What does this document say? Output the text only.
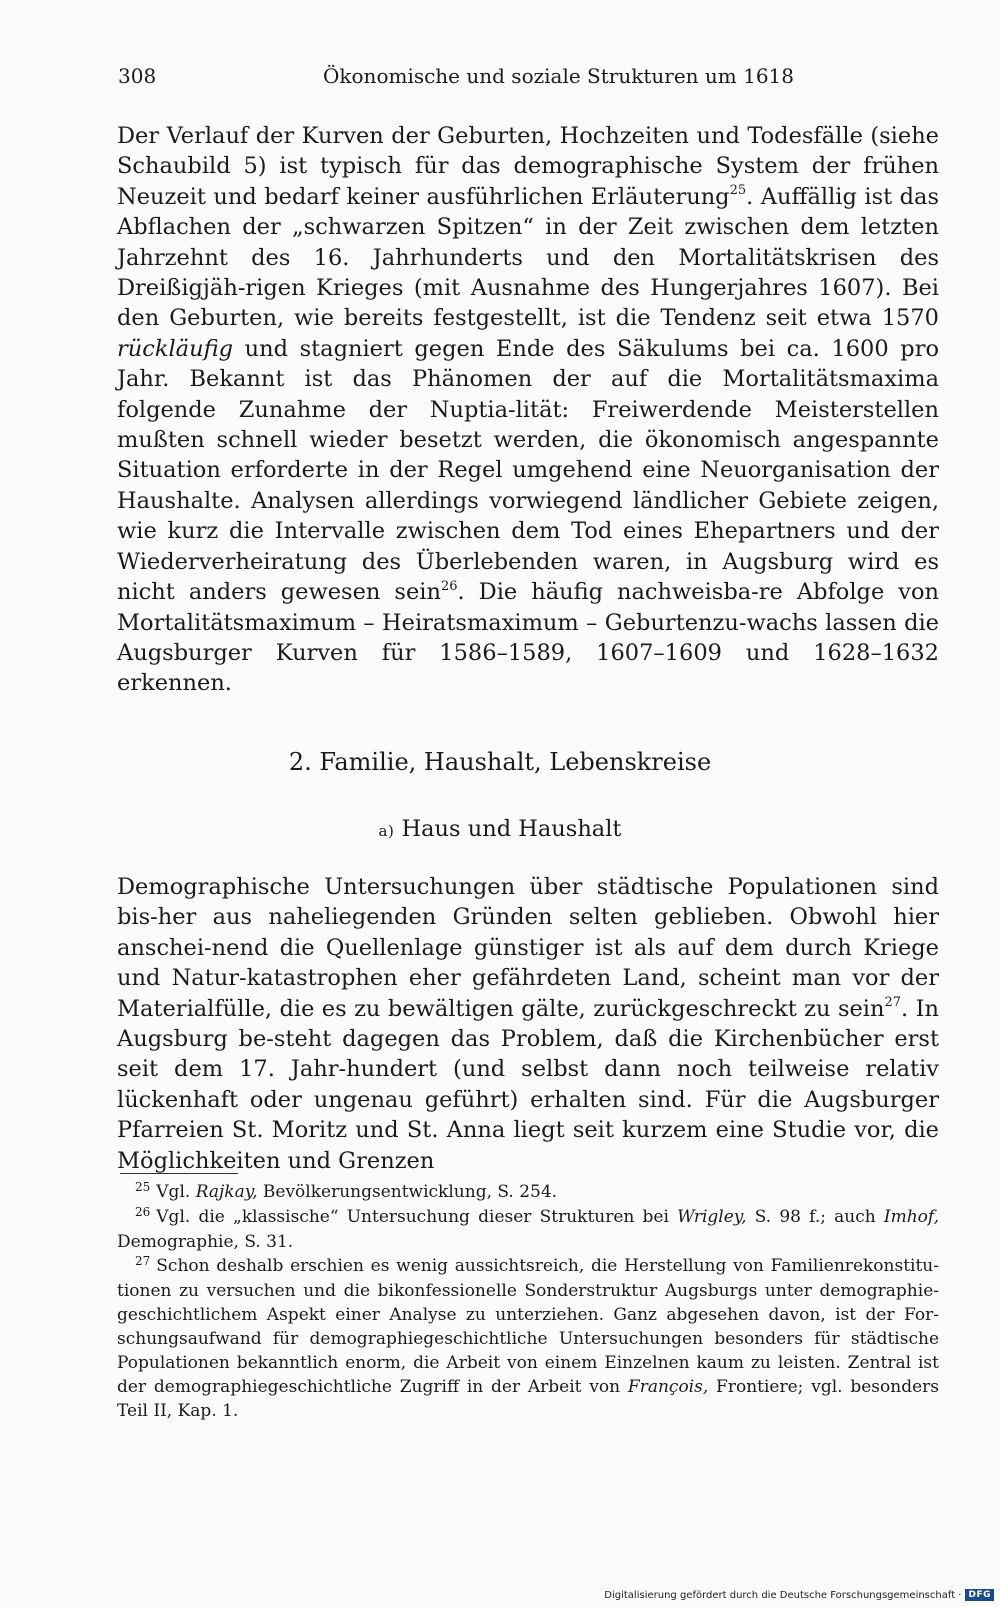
308	Ökonomische und soziale Strukturen um 1618
Der Verlauf der Kurven der Geburten, Hochzeiten und Todesfälle (siehe Schaubild 5) ist typisch für das demographische System der frühen Neuzeit und bedarf keiner ausführlichen Erläuterung$^{25}$. Auffällig ist das Abflachen der „schwarzen Spitzen“ in der Zeit zwischen dem letzten Jahrzehnt des 16. Jahrhunderts und den Mortalitätskrisen des Dreißigjäh-rigen Krieges (mit Ausnahme des Hungerjahres 1607). Bei den Geburten, wie bereits festgestellt, ist die Tendenz seit etwa 1570 rückläufig und stagniert gegen Ende des Säkulums bei ca. 1600 pro Jahr. Bekannt ist das Phänomen der auf die Mortalitätsmaxima folgende Zunahme der Nuptia-lität: Freiwerdende Meisterstellen mußten schnell wieder besetzt werden, die ökonomisch angespannte Situation erforderte in der Regel umgehend eine Neuorganisation der Haushalte. Analysen allerdings vorwiegend ländlicher Gebiete zeigen, wie kurz die Intervalle zwischen dem Tod eines Ehepartners und der Wiederverheiratung des Überlebenden waren, in Augsburg wird es nicht anders gewesen sein$^{26}$. Die häufig nachweisba-re Abfolge von Mortalitätsmaximum – Heiratsmaximum – Geburtenzu-wachs lassen die Augsburger Kurven für 1586–1589, 1607–1609 und 1628–1632 erkennen.
2. Familie, Haushalt, Lebenskreise
a) Haus und Haushalt
Demographische Untersuchungen über städtische Populationen sind bis-her aus naheliegenden Gründen selten geblieben. Obwohl hier anschei-nend die Quellenlage günstiger ist als auf dem durch Kriege und Natur-katastrophen eher gefährdeten Land, scheint man vor der Materialfülle, die es zu bewältigen gälte, zurückgeschreckt zu sein$^{27}$. In Augsburg be-steht dagegen das Problem, daß die Kirchenbücher erst seit dem 17. Jahr-hundert (und selbst dann noch teilweise relativ lückenhaft oder ungenau geführt) erhalten sind. Für die Augsburger Pfarreien St. Moritz und St. Anna liegt seit kurzem eine Studie vor, die Möglichkeiten und Grenzen

$^{25}$ Vgl. Rajkay, Bevölkerungsentwicklung, S. 254.

$^{26}$ Vgl. die „klassische“ Untersuchung dieser Strukturen bei Wrigley, S. 98 f.; auch Imhof, Demographie, S. 31.

$^{27}$ Schon deshalb erschien es wenig aussichtsreich, die Herstellung von Familienrekonstitu-tionen zu versuchen und die bikonfessionelle Sonderstruktur Augsburgs unter demographie-geschichtlichem Aspekt einer Analyse zu unterziehen. Ganz abgesehen davon, ist der For-schungsaufwand für demographiegeschichtliche Untersuchungen besonders für städtische Populationen bekanntlich enorm, die Arbeit von einem Einzelnen kaum zu leisten. Zentral ist der demographiegeschichtliche Zugriff in der Arbeit von François, Frontiere; vgl. besonders Teil II, Kap. 1.

Digitalisierung gefördert durch die Deutsche Forschungsgemeinschaft · DFG
